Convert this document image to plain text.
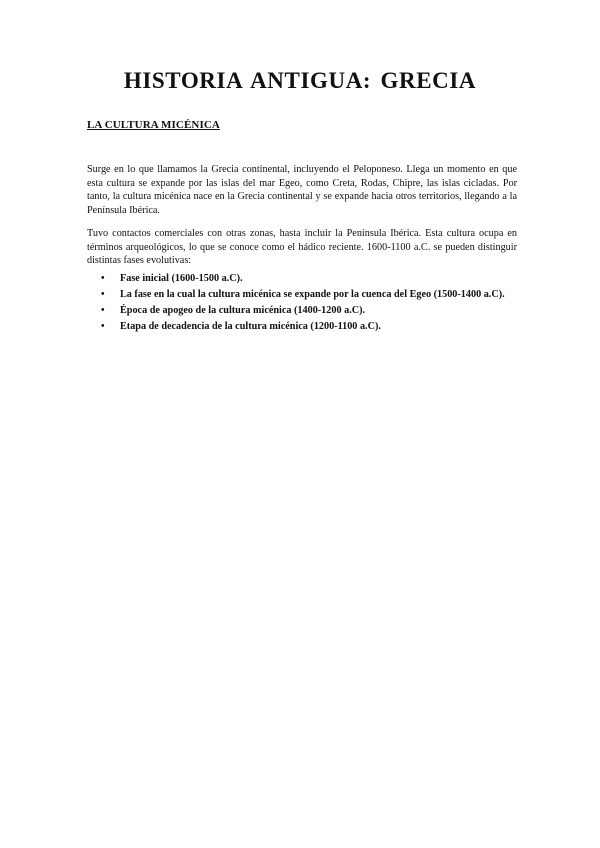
HISTORIA ANTIGUA: GRECIA
LA CULTURA MICÉNICA

Surge en lo que llamamos la Grecia continental, incluyendo el Peloponeso. Llega un momento en que esta cultura se expande por las islas del mar Egeo, como Creta, Rodas, Chipre, las islas cicladas. Por tanto, la cultura micénica nace en la Grecia continental y se expande hacia otros territorios, llegando a la Península Ibérica.

Tuvo contactos comerciales con otras zonas, hasta incluir la Península Ibérica. Esta cultura ocupa en términos arqueológicos, lo que se conoce como el hádico reciente. 1600-1100 a.C. se pueden distinguir distintas fases evolutivas:

• Fase inicial (1600-1500 a.C).
• La fase en la cual la cultura micénica se expande por la cuenca del Egeo (1500-1400 a.C).
• Época de apogeo de la cultura micénica (1400-1200 a.C).
• Etapa de decadencia de la cultura micénica (1200-1100 a.C).
